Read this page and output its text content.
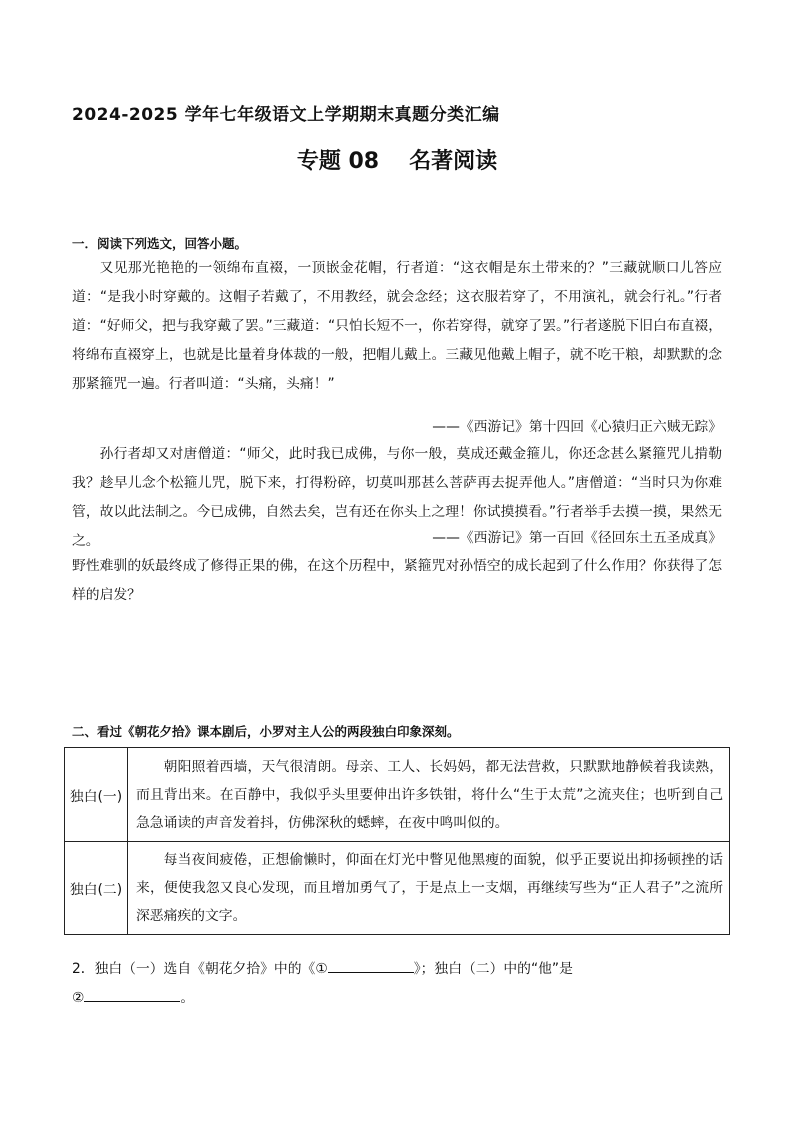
2024-2025 学年七年级语文上学期期末真题分类汇编
专题 08 名著阅读
一．阅读下列选文，回答小题。

又见那光艳艳的一领绵布直裰，一顶嵌金花帽，行者道：“这衣帽是东土带来的？”三藏就顺口儿答应道：“是我小时穿戴的。这帽子若戴了，不用教经，就会念经；这衣服若穿了，不用演礼，就会行礼。”行者道：“好师父，把与我穿戴了罢。”三藏道：“只怕长短不一，你若穿得，就穿了罢。”行者遂脱下旧白布直裰，将绵布直裰穿上，也就是比量着身体裁的一般，把帽儿戴上。三藏见他戴上帽子，就不吃干粮，却默默的念那紧箍咒一遍。行者叫道：“头痛，头痛！”

——《西游记》第十四回《心猿归正六贼无踪》

孙行者却又对唐僧道：“师父，此时我已成佛，与你一般，莫成还戴金箍儿，你还念甚么紧箍咒儿掯勒我？趁早儿念个松箍儿咒，脱下来，打得粉碎，切莫叫那甚么菩萨再去捉弄他人。”唐僧道：“当时只为你难管，故以此法制之。今已成佛，自然去矣，岂有还在你头上之理！你试摸摸看。”行者举手去摸一摸，果然无之。	——《西游记》第一百回《径回东土五圣成真》

野性难驯的妖最终成了修得正果的佛，在这个历程中，紧箍咒对孙悟空的成长起到了什么作用？你获得了怎样的启发？

二、看过《朝花夕拾》课本剧后，小罗对主人公的两段独白印象深刻。
独白(一)	朝阳照着西墙，天气很清朗。母亲、工人、长妈妈，都无法营救，只默默地静候着我读熟，而且背出来。在百静中，我似乎头里要伸出许多铁钳，将什么“生于太荒”之流夹住；也听到自己急急诵读的声音发着抖，仿佛深秋的蟋蟀，在夜中鸣叫似的。
独白(二)	每当夜间疲倦，正想偷懒时，仰面在灯光中瞥见他黑瘦的面貌，似乎正要说出抑扬顿挫的话来，便使我忽又良心发现，而且增加勇气了，于是点上一支烟，再继续写些为“正人君子”之流所深恶痛疾的文字。
2．独白（一）选自《朝花夕拾》中的《①	》；独白（二）中的“他”是
②	。
